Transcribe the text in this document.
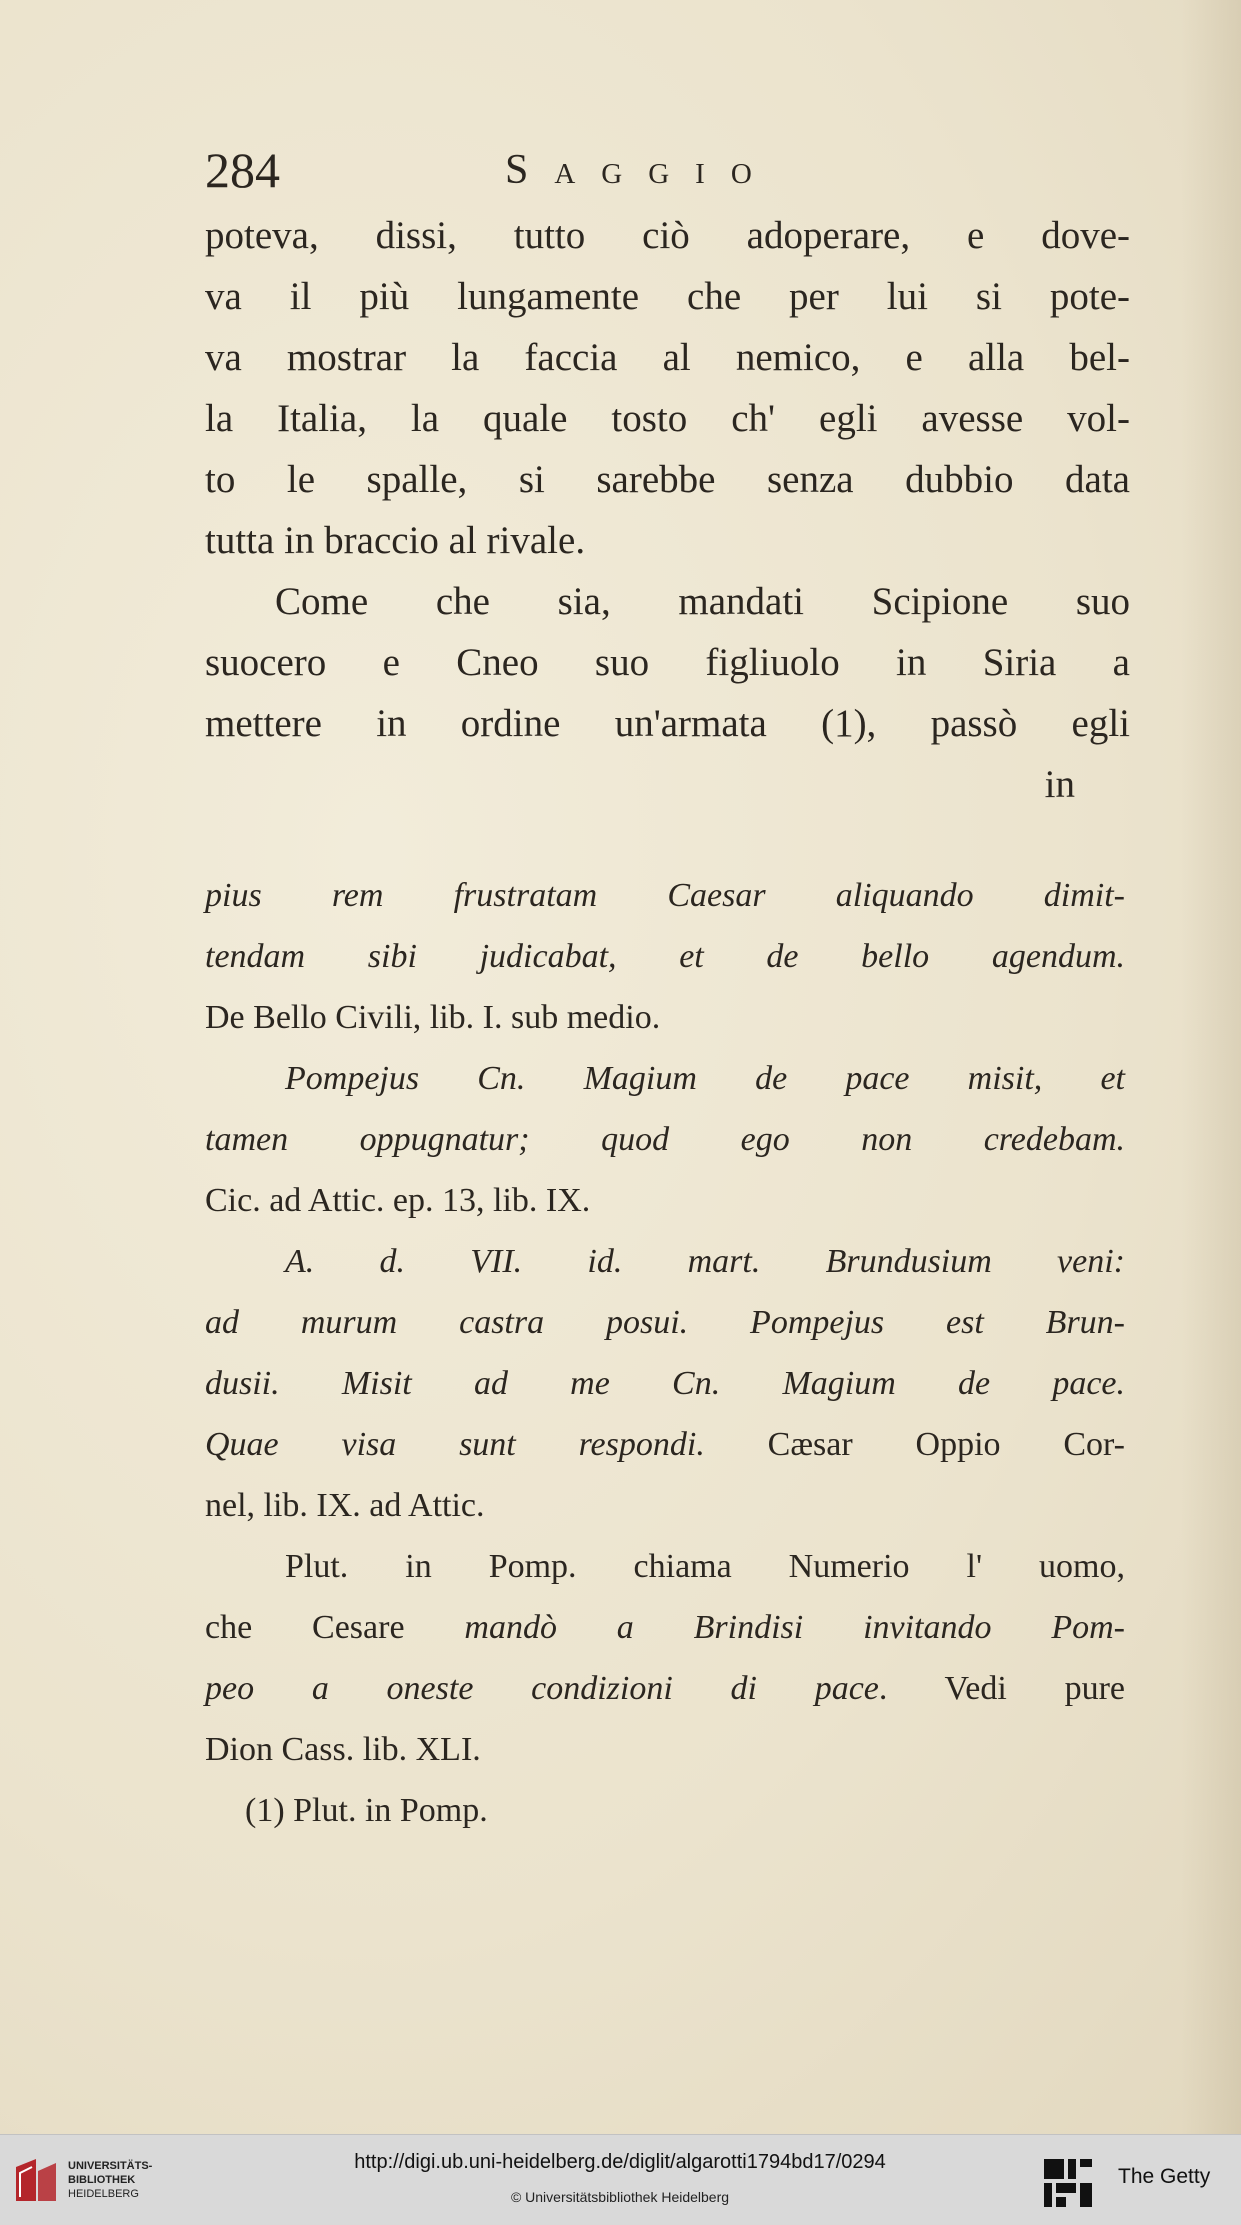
284	Saggio
poteva, dissi, tutto ciò adoperare, e dove-
va il più lungamente che per lui si pote-
va mostrar la faccia al nemico, e alla bel-
la Italia, la quale tosto ch' egli avesse vol-
to le spalle, si sarebbe senza dubbio data
tutta in braccio al rivale.
Come che sia, mandati Scipione suo
suocero e Cneo suo figliuolo in Siria a
mettere in ordine un'armata (1), passò egli
in
pius rem frustratam Caesar aliquando dimit-
tendam sibi judicabat, et de bello agendum.
De Bello Civili, lib. I. sub medio.
Pompejus Cn. Magium de pace misit, et
tamen oppugnatur; quod ego non credebam.
Cic. ad Attic. ep. 13, lib. IX.
A. d. VII. id. mart. Brundusium veni:
ad murum castra posui. Pompejus est Brun-
dusii. Misit ad me Cn. Magium de pace.
Quae visa sunt respondi. Cæsar Oppio Cor-
nel, lib. IX. ad Attic.
Plut. in Pomp. chiama Numerio l' uomo,
che Cesare mandò a Brindisi invitando Pom-
peo a oneste condizioni di pace. Vedi pure
Dion Cass. lib. XLI.
(1) Plut. in Pomp.
UNIVERSITÄTS-
BIBLIOTHEK
HEIDELBERG
http://digi.ub.uni-heidelberg.de/diglit/algarotti1794bd17/0294
© Universitätsbibliothek Heidelberg
The Getty
